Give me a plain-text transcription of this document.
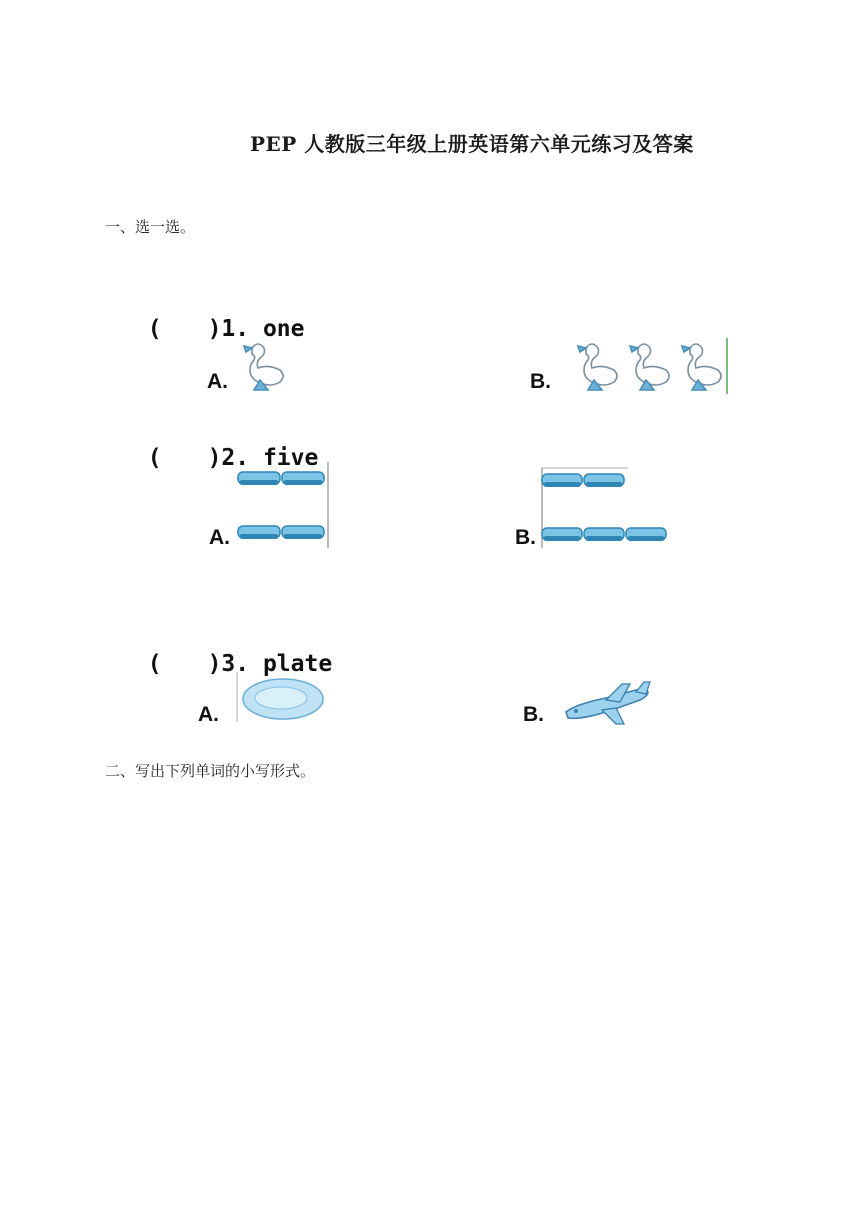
PEP 人教版三年级上册英语第六单元练习及答案
一、选一选。

( )1. one

A.	B.

( )2. five

A.	B.

( )3. plate

A.	B.
二、写出下列单词的小写形式。
